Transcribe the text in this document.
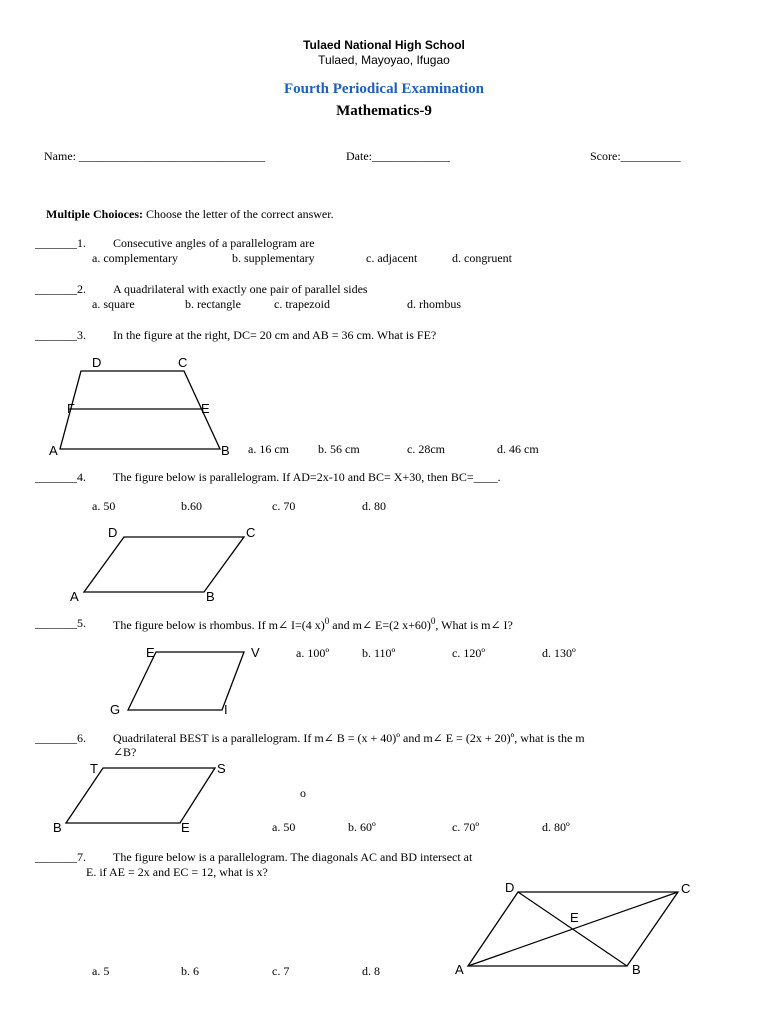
Tulaed National High School
Tulaed, Mayoyao, Ifugao
Fourth Periodical Examination
Mathematics-9
Name: _______________________________	Date:_____________	Score:__________
Multiple Choioces: Choose the letter of the correct answer.
_______1. Consecutive angles of a parallelogram are
a. complementary	b. supplementary	c. adjacent	d. congruent
_______2. A quadrilateral with exactly one pair of parallel sides
a. square	b. rectangle	c. trapezoid	d. rhombus
_______3. In the figure at the right, DC= 20 cm and AB = 36 cm. What is FE?
D	C
F	E
A	B a. 16 cm b. 56 cm	c. 28cm	d. 46 cm
_______4. The figure below is parallelogram. If AD=2x-10 and BC= X+30, then BC=____.
a. 50	b.60	c. 70	d. 80
D	C
A	B
_______5. The figure below is rhombus. If m∠ I=(4 x)$^0$ and m∠ E=(2 x+60)$^0$, What is m∠ I?
E	V
G	I
a. 100º	b. 110º	c. 120º	d. 130º
_______6. Quadrilateral BEST is a parallelogram. If m∠ B = (x + 40)º and m∠ E = (2x + 20)º, what is the m
∠B?
T	S
B	E
o
a. 50	b. 60º	c. 70º	d. 80º
_______7. The figure below is a parallelogram. The diagonals AC and BD intersect at
E. if AE = 2x and EC = 12, what is x?
D	C
E
A	B
a. 5	b. 6	c. 7	d. 8
